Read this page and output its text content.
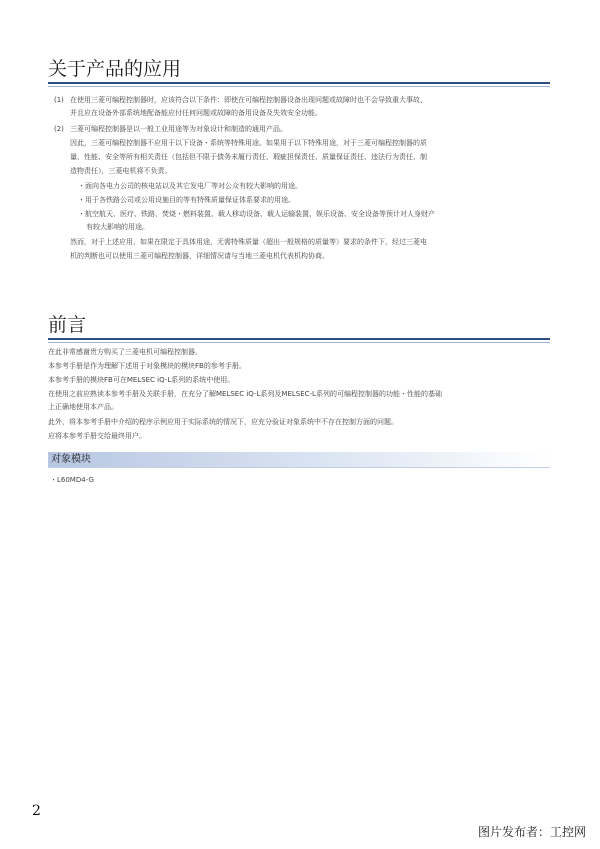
关于产品的应用
(1) 在使用三菱可编程控制器时，应该符合以下条件：即使在可编程控制器设备出现问题或故障时也不会导致重大事故，
并且应在设备外部系统地配备能应付任何问题或故障的备用设备及失效安全功能。
(2) 三菱可编程控制器是以一般工业用途等为对象设计和制造的通用产品。
因此，三菱可编程控制器不应用于以下设备・系统等特殊用途。如果用于以下特殊用途，对于三菱可编程控制器的质
量、性能、安全等所有相关责任（包括但不限于债务未履行责任、瑕疵担保责任、质量保证责任、违法行为责任、制
造物责任），三菱电机将不负责。
・面向各电力公司的核电站以及其它发电厂等对公众有较大影响的用途。
・用于各铁路公司或公用设施目的等有特殊质量保证体系要求的用途。
・航空航天、医疗、铁路、焚烧・燃料装置、载人移动设备、载人运输装置、娱乐设备、安全设备等预计对人身财产
有较大影响的用途。
然而，对于上述应用，如果在限定于具体用途，无需特殊质量（超出一般规格的质量等）要求的条件下，经过三菱电
机的判断也可以使用三菱可编程控制器，详细情况请与当地三菱电机代表机构协商。
前言
在此非常感谢贵方购买了三菱电机可编程控制器。
本参考手册是作为理解下述用于对象模块的模块FB的参考手册。
本参考手册的模块FB可在MELSEC iQ-L系列的系统中使用。
在使用之前应熟读本参考手册及关联手册，在充分了解MELSEC iQ-L系列及MELSEC-L系列的可编程控制器的功能・性能的基础
上正确地使用本产品。
此外，将本参考手册中介绍的程序示例应用于实际系统的情况下，应充分验证对象系统中不存在控制方面的问题。
应将本参考手册交给最终用户。
对象模块
・L60MD4-G
2
图片发布者：工控网
